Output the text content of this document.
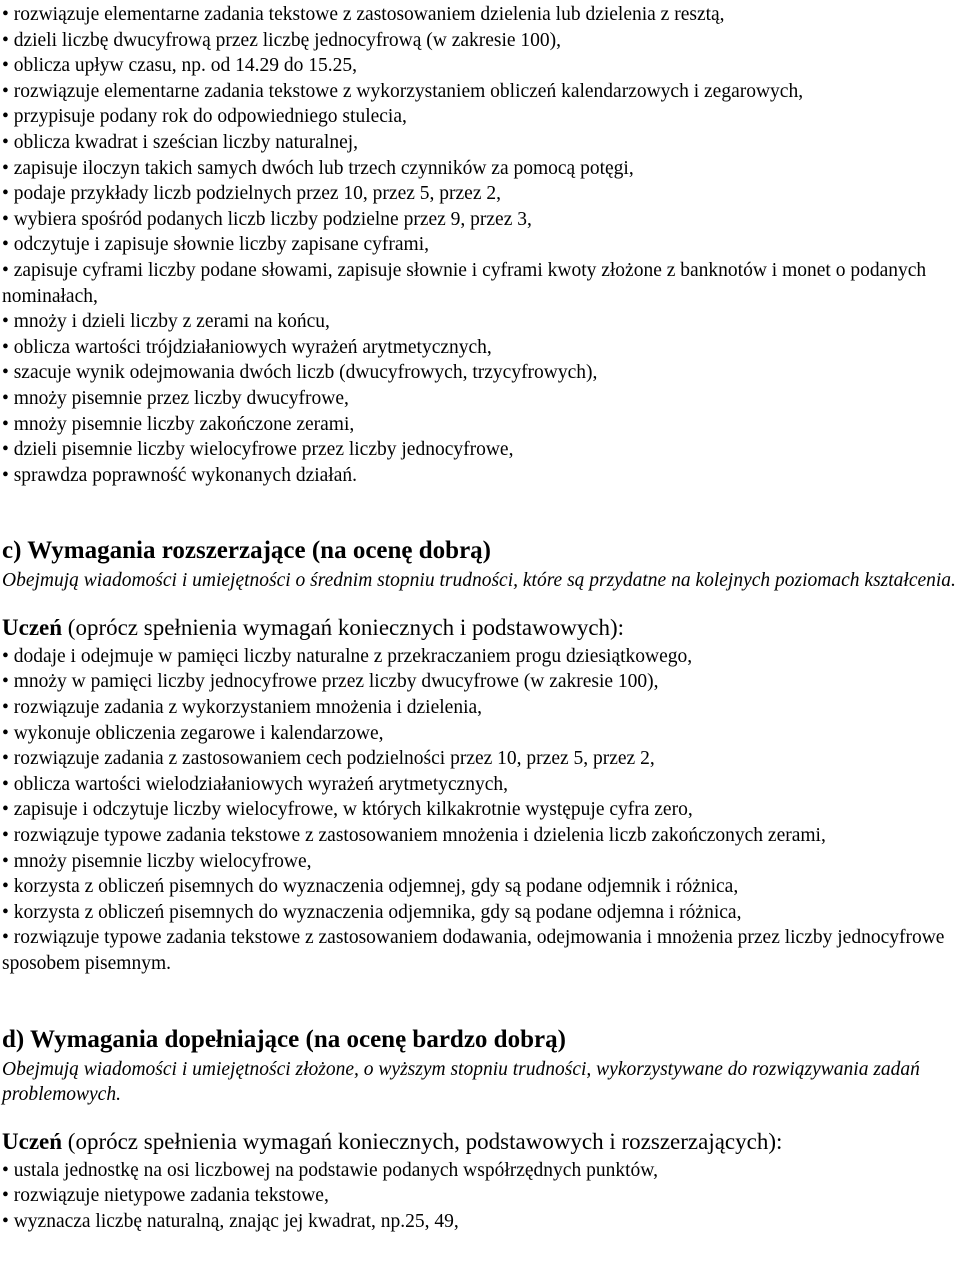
• rozwiązuje elementarne zadania tekstowe z zastosowaniem dzielenia lub dzielenia z resztą,
• dzieli liczbę dwucyfrową przez liczbę jednocyfrową (w zakresie 100),
• oblicza upływ czasu, np. od 14.29 do 15.25,
• rozwiązuje elementarne zadania tekstowe z wykorzystaniem obliczeń kalendarzowych i zegarowych,
• przypisuje podany rok do odpowiedniego stulecia,
• oblicza kwadrat i sześcian liczby naturalnej,
• zapisuje iloczyn takich samych dwóch lub trzech czynników za pomocą potęgi,
• podaje przykłady liczb podzielnych przez 10, przez 5, przez 2,
• wybiera spośród podanych liczb liczby podzielne przez 9, przez 3,
• odczytuje i zapisuje słownie liczby zapisane cyframi,
• zapisuje cyframi liczby podane słowami, zapisuje słownie i cyframi kwoty złożone z banknotów i monet o podanych nominałach,
• mnoży i dzieli liczby z zerami na końcu,
• oblicza wartości trójdziałaniowych wyrażeń arytmetycznych,
• szacuje wynik odejmowania dwóch liczb (dwucyfrowych, trzycyfrowych),
• mnoży pisemnie przez liczby dwucyfrowe,
• mnoży pisemnie liczby zakończone zerami,
• dzieli pisemnie liczby wielocyfrowe przez liczby jednocyfrowe,
• sprawdza poprawność wykonanych działań.
c) Wymagania rozszerzające (na ocenę dobrą)

Obejmują wiadomości i umiejętności o średnim stopniu trudności, które są przydatne na kolejnych poziomach kształcenia.

Uczeń (oprócz spełnienia wymagań koniecznych i podstawowych):
• dodaje i odejmuje w pamięci liczby naturalne z przekraczaniem progu dziesiątkowego,
• mnoży w pamięci liczby jednocyfrowe przez liczby dwucyfrowe (w zakresie 100),
• rozwiązuje zadania z wykorzystaniem mnożenia i dzielenia,
• wykonuje obliczenia zegarowe i kalendarzowe,
• rozwiązuje zadania z zastosowaniem cech podzielności przez 10, przez 5, przez 2,
• oblicza wartości wielodziałaniowych wyrażeń arytmetycznych,
• zapisuje i odczytuje liczby wielocyfrowe, w których kilkakrotnie występuje cyfra zero,
• rozwiązuje typowe zadania tekstowe z zastosowaniem mnożenia i dzielenia liczb zakończonych zerami,
• mnoży pisemnie liczby wielocyfrowe,
• korzysta z obliczeń pisemnych do wyznaczenia odjemnej, gdy są podane odjemnik i różnica,
• korzysta z obliczeń pisemnych do wyznaczenia odjemnika, gdy są podane odjemna i różnica,
• rozwiązuje typowe zadania tekstowe z zastosowaniem dodawania, odejmowania i mnożenia przez liczby jednocyfrowe sposobem pisemnym.
d) Wymagania dopełniające (na ocenę bardzo dobrą)

Obejmują wiadomości i umiejętności złożone, o wyższym stopniu trudności, wykorzystywane do rozwiązywania zadań problemowych.

Uczeń (oprócz spełnienia wymagań koniecznych, podstawowych i rozszerzających):
• ustala jednostkę na osi liczbowej na podstawie podanych współrzędnych punktów,
• rozwiązuje nietypowe zadania tekstowe,
• wyznacza liczbę naturalną, znając jej kwadrat, np.25, 49,
